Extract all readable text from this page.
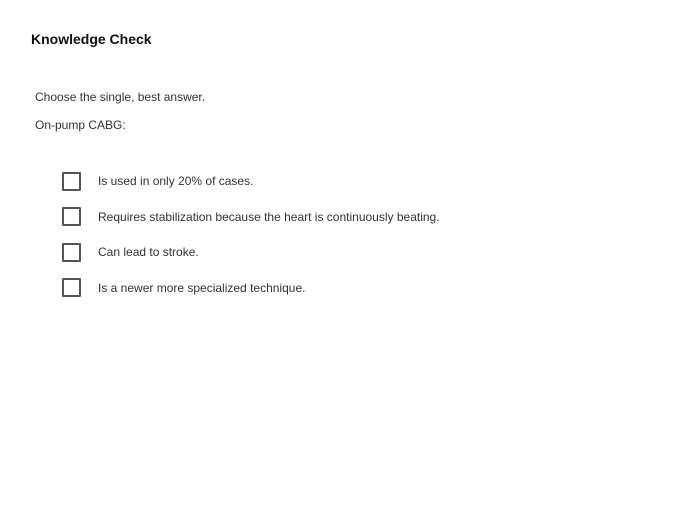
Knowledge Check
Choose the single, best answer.
On-pump CABG:
Is used in only 20% of cases.
Requires stabilization because the heart is continuously beating.
Can lead to stroke.
Is a newer more specialized technique.
